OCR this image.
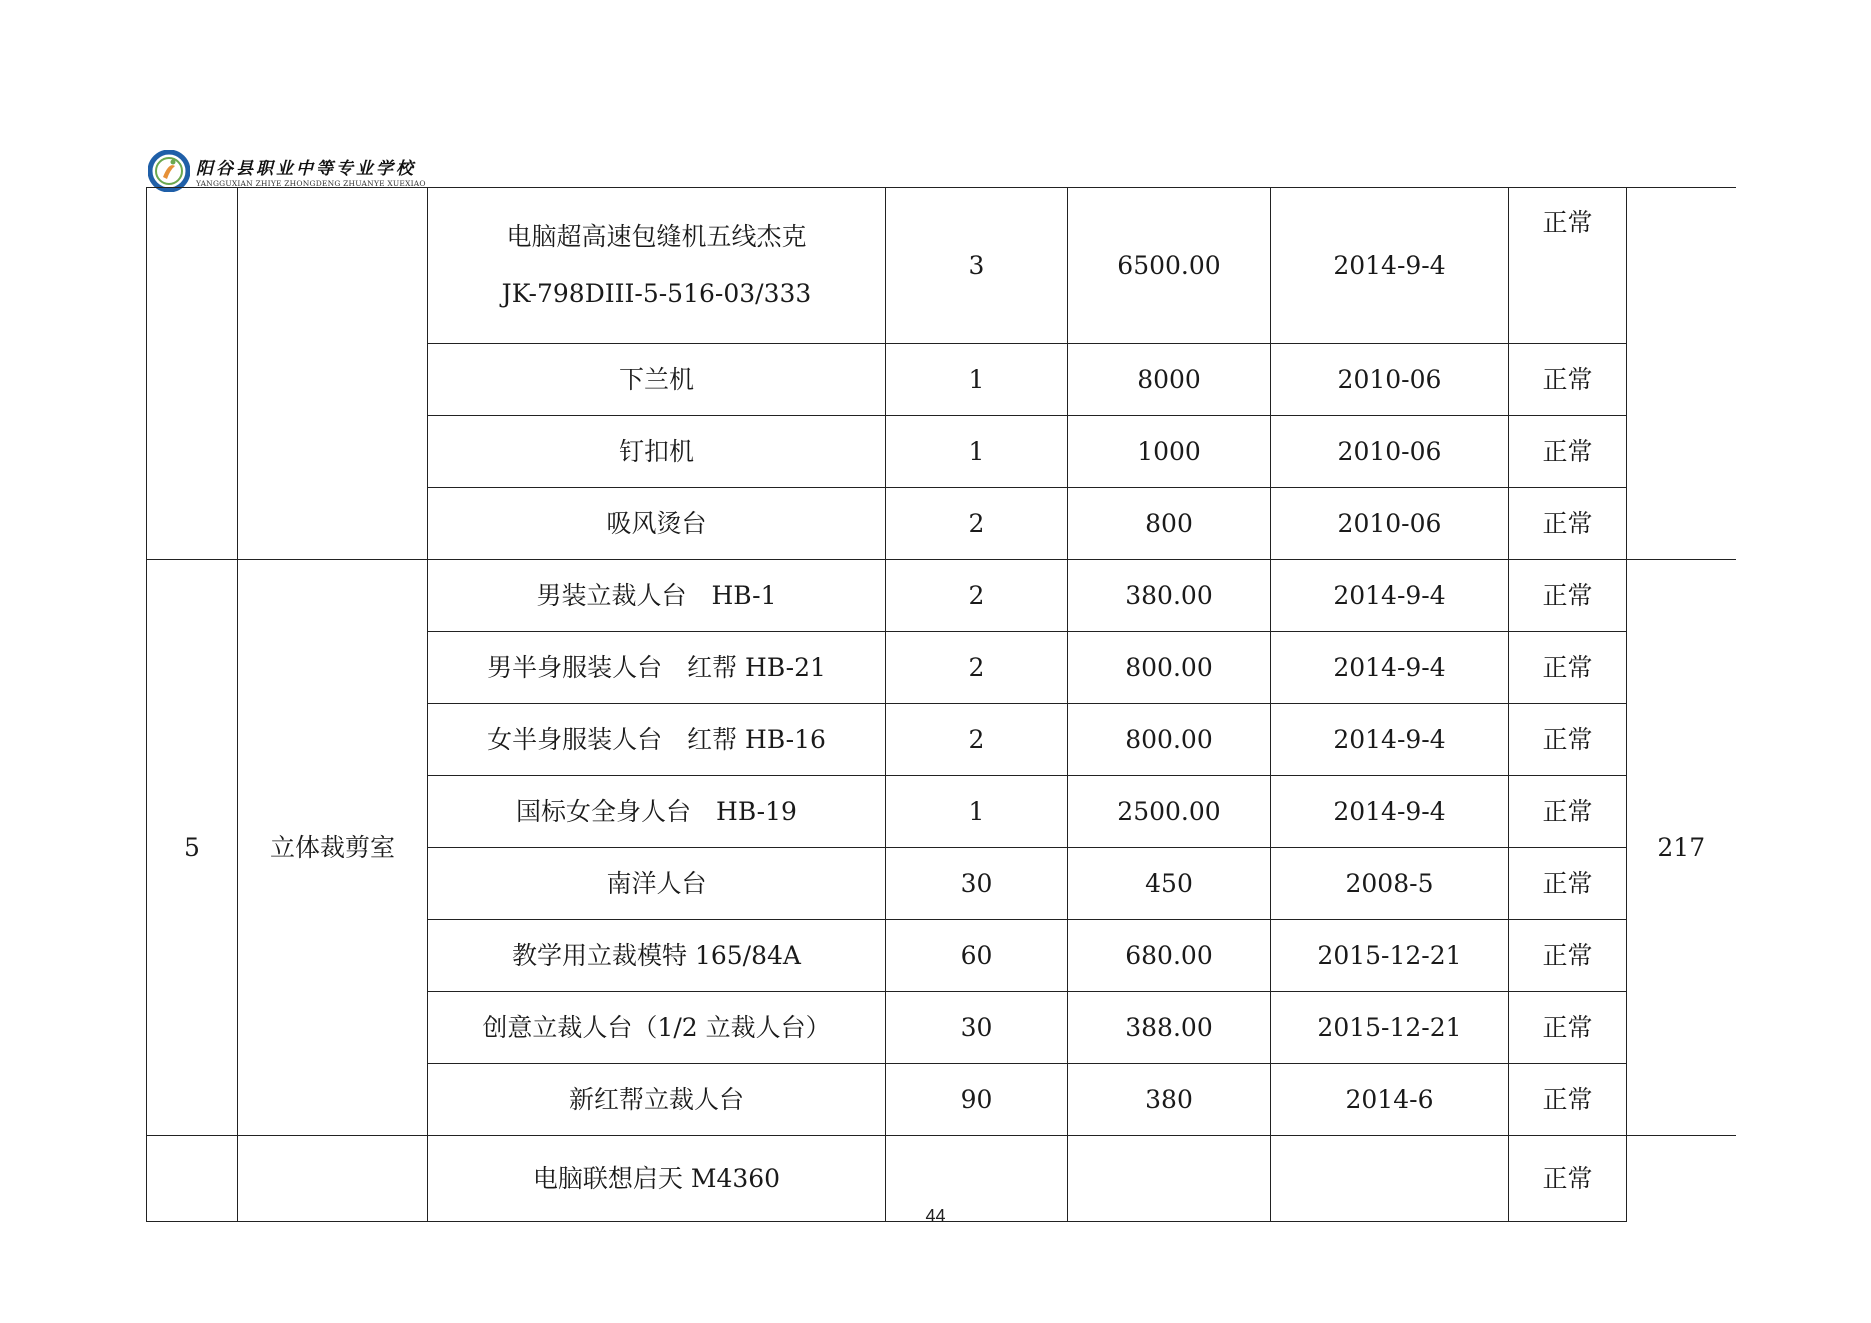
阳谷县职业中等专业学校
YANGGUXIAN ZHIYE ZHONGDENG ZHUANYE XUEXIAO

		电脑超高速包缝机五线杰克
JK-798DIII-5-516-03/333	3	6500.00	2014-9-4	正常	
		下兰机	1	8000	2010-06	正常	
		钉扣机	1	1000	2010-06	正常	
		吸风烫台	2	800	2010-06	正常	
5	立体裁剪室	男装立裁人台　HB-1	2	380.00	2014-9-4	正常	217
		男半身服装人台　红帮 HB-21	2	800.00	2014-9-4	正常	
		女半身服装人台　红帮 HB-16	2	800.00	2014-9-4	正常	
		国标女全身人台　HB-19	1	2500.00	2014-9-4	正常	
		南洋人台	30	450	2008-5	正常	
		教学用立裁模特 165/84A	60	680.00	2015-12-21	正常	
		创意立裁人台（1/2 立裁人台）	30	388.00	2015-12-21	正常	
		新红帮立裁人台	90	380	2014-6	正常	
		电脑联想启天 M4360				正常	
44
